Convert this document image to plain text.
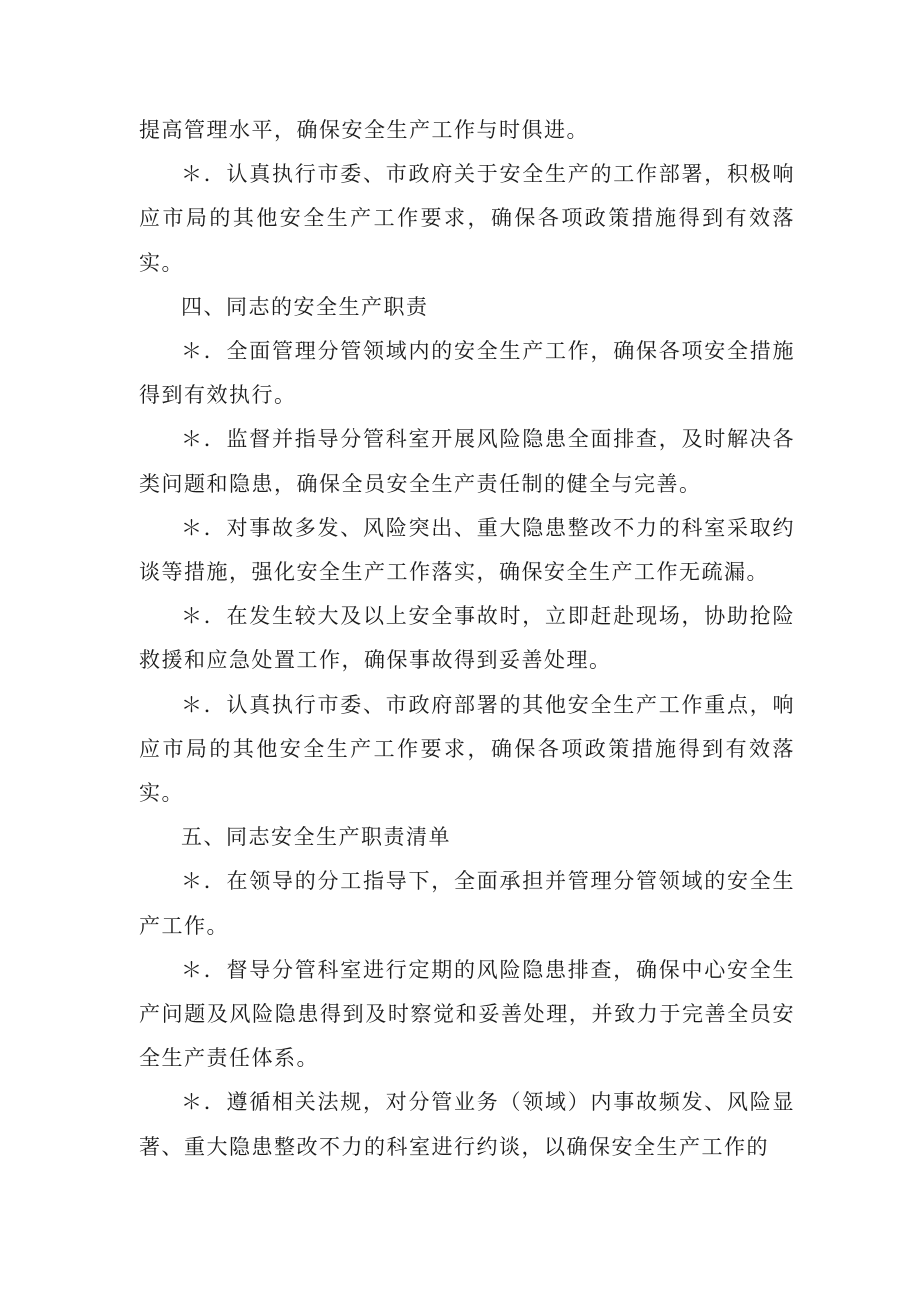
提高管理水平，确保安全生产工作与时俱进。

＊．认真执行市委、市政府关于安全生产的工作部署，积极响应市局的其他安全生产工作要求，确保各项政策措施得到有效落实。

四、同志的安全生产职责

＊．全面管理分管领域内的安全生产工作，确保各项安全措施得到有效执行。

＊．监督并指导分管科室开展风险隐患全面排查，及时解决各类问题和隐患，确保全员安全生产责任制的健全与完善。

＊．对事故多发、风险突出、重大隐患整改不力的科室采取约谈等措施，强化安全生产工作落实，确保安全生产工作无疏漏。

＊．在发生较大及以上安全事故时，立即赶赴现场，协助抢险救援和应急处置工作，确保事故得到妥善处理。

＊．认真执行市委、市政府部署的其他安全生产工作重点，响应市局的其他安全生产工作要求，确保各项政策措施得到有效落实。

五、同志安全生产职责清单

＊．在领导的分工指导下，全面承担并管理分管领域的安全生产工作。

＊．督导分管科室进行定期的风险隐患排查，确保中心安全生产问题及风险隐患得到及时察觉和妥善处理，并致力于完善全员安全生产责任体系。

＊．遵循相关法规，对分管业务（领域）内事故频发、风险显著、重大隐患整改不力的科室进行约谈，以确保安全生产工作的
